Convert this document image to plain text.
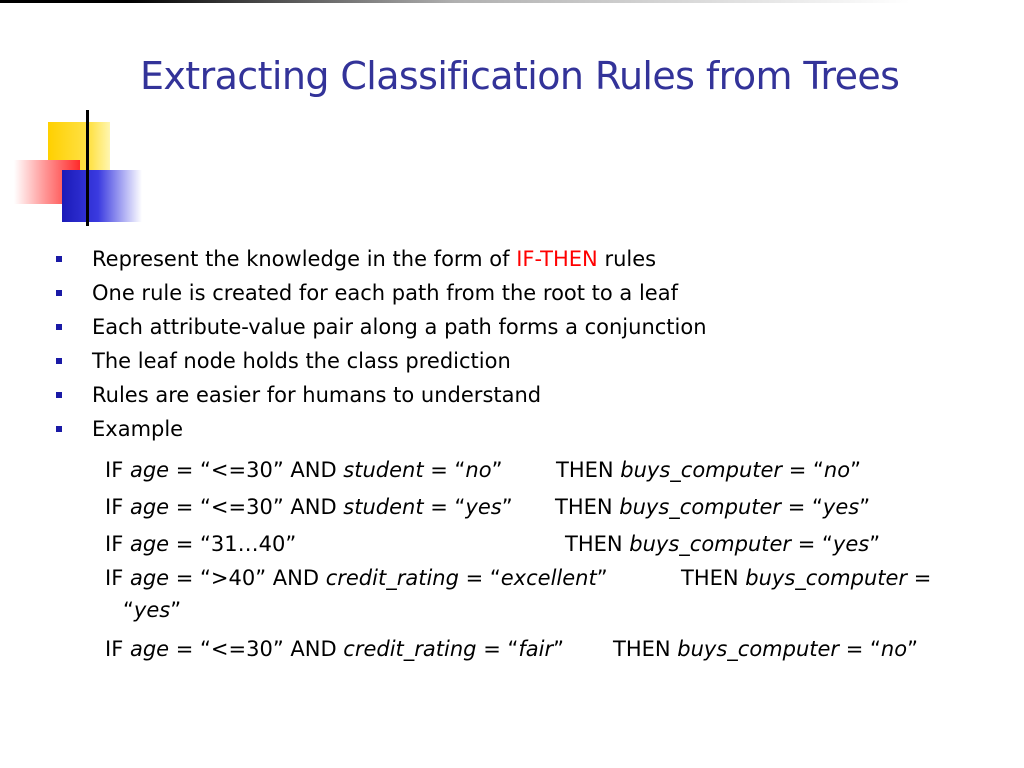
Extracting Classification Rules from Trees
Represent the knowledge in the form of IF-THEN rules
One rule is created for each path from the root to a leaf
Each attribute-value pair along a path forms a conjunction
The leaf node holds the class prediction
Rules are easier for humans to understand
Example
IF age = “<=30” AND student = “no”	THEN buys_computer = “no”
IF age = “<=30” AND student = “yes” THEN buys_computer = “yes”
IF age = “31…40”	THEN buys_computer = “yes”
IF age = “>40” AND credit_rating = “excellent”	THEN buys_computer =
“yes”
IF age = “<=30” AND credit_rating = “fair” THEN buys_computer = “no”
